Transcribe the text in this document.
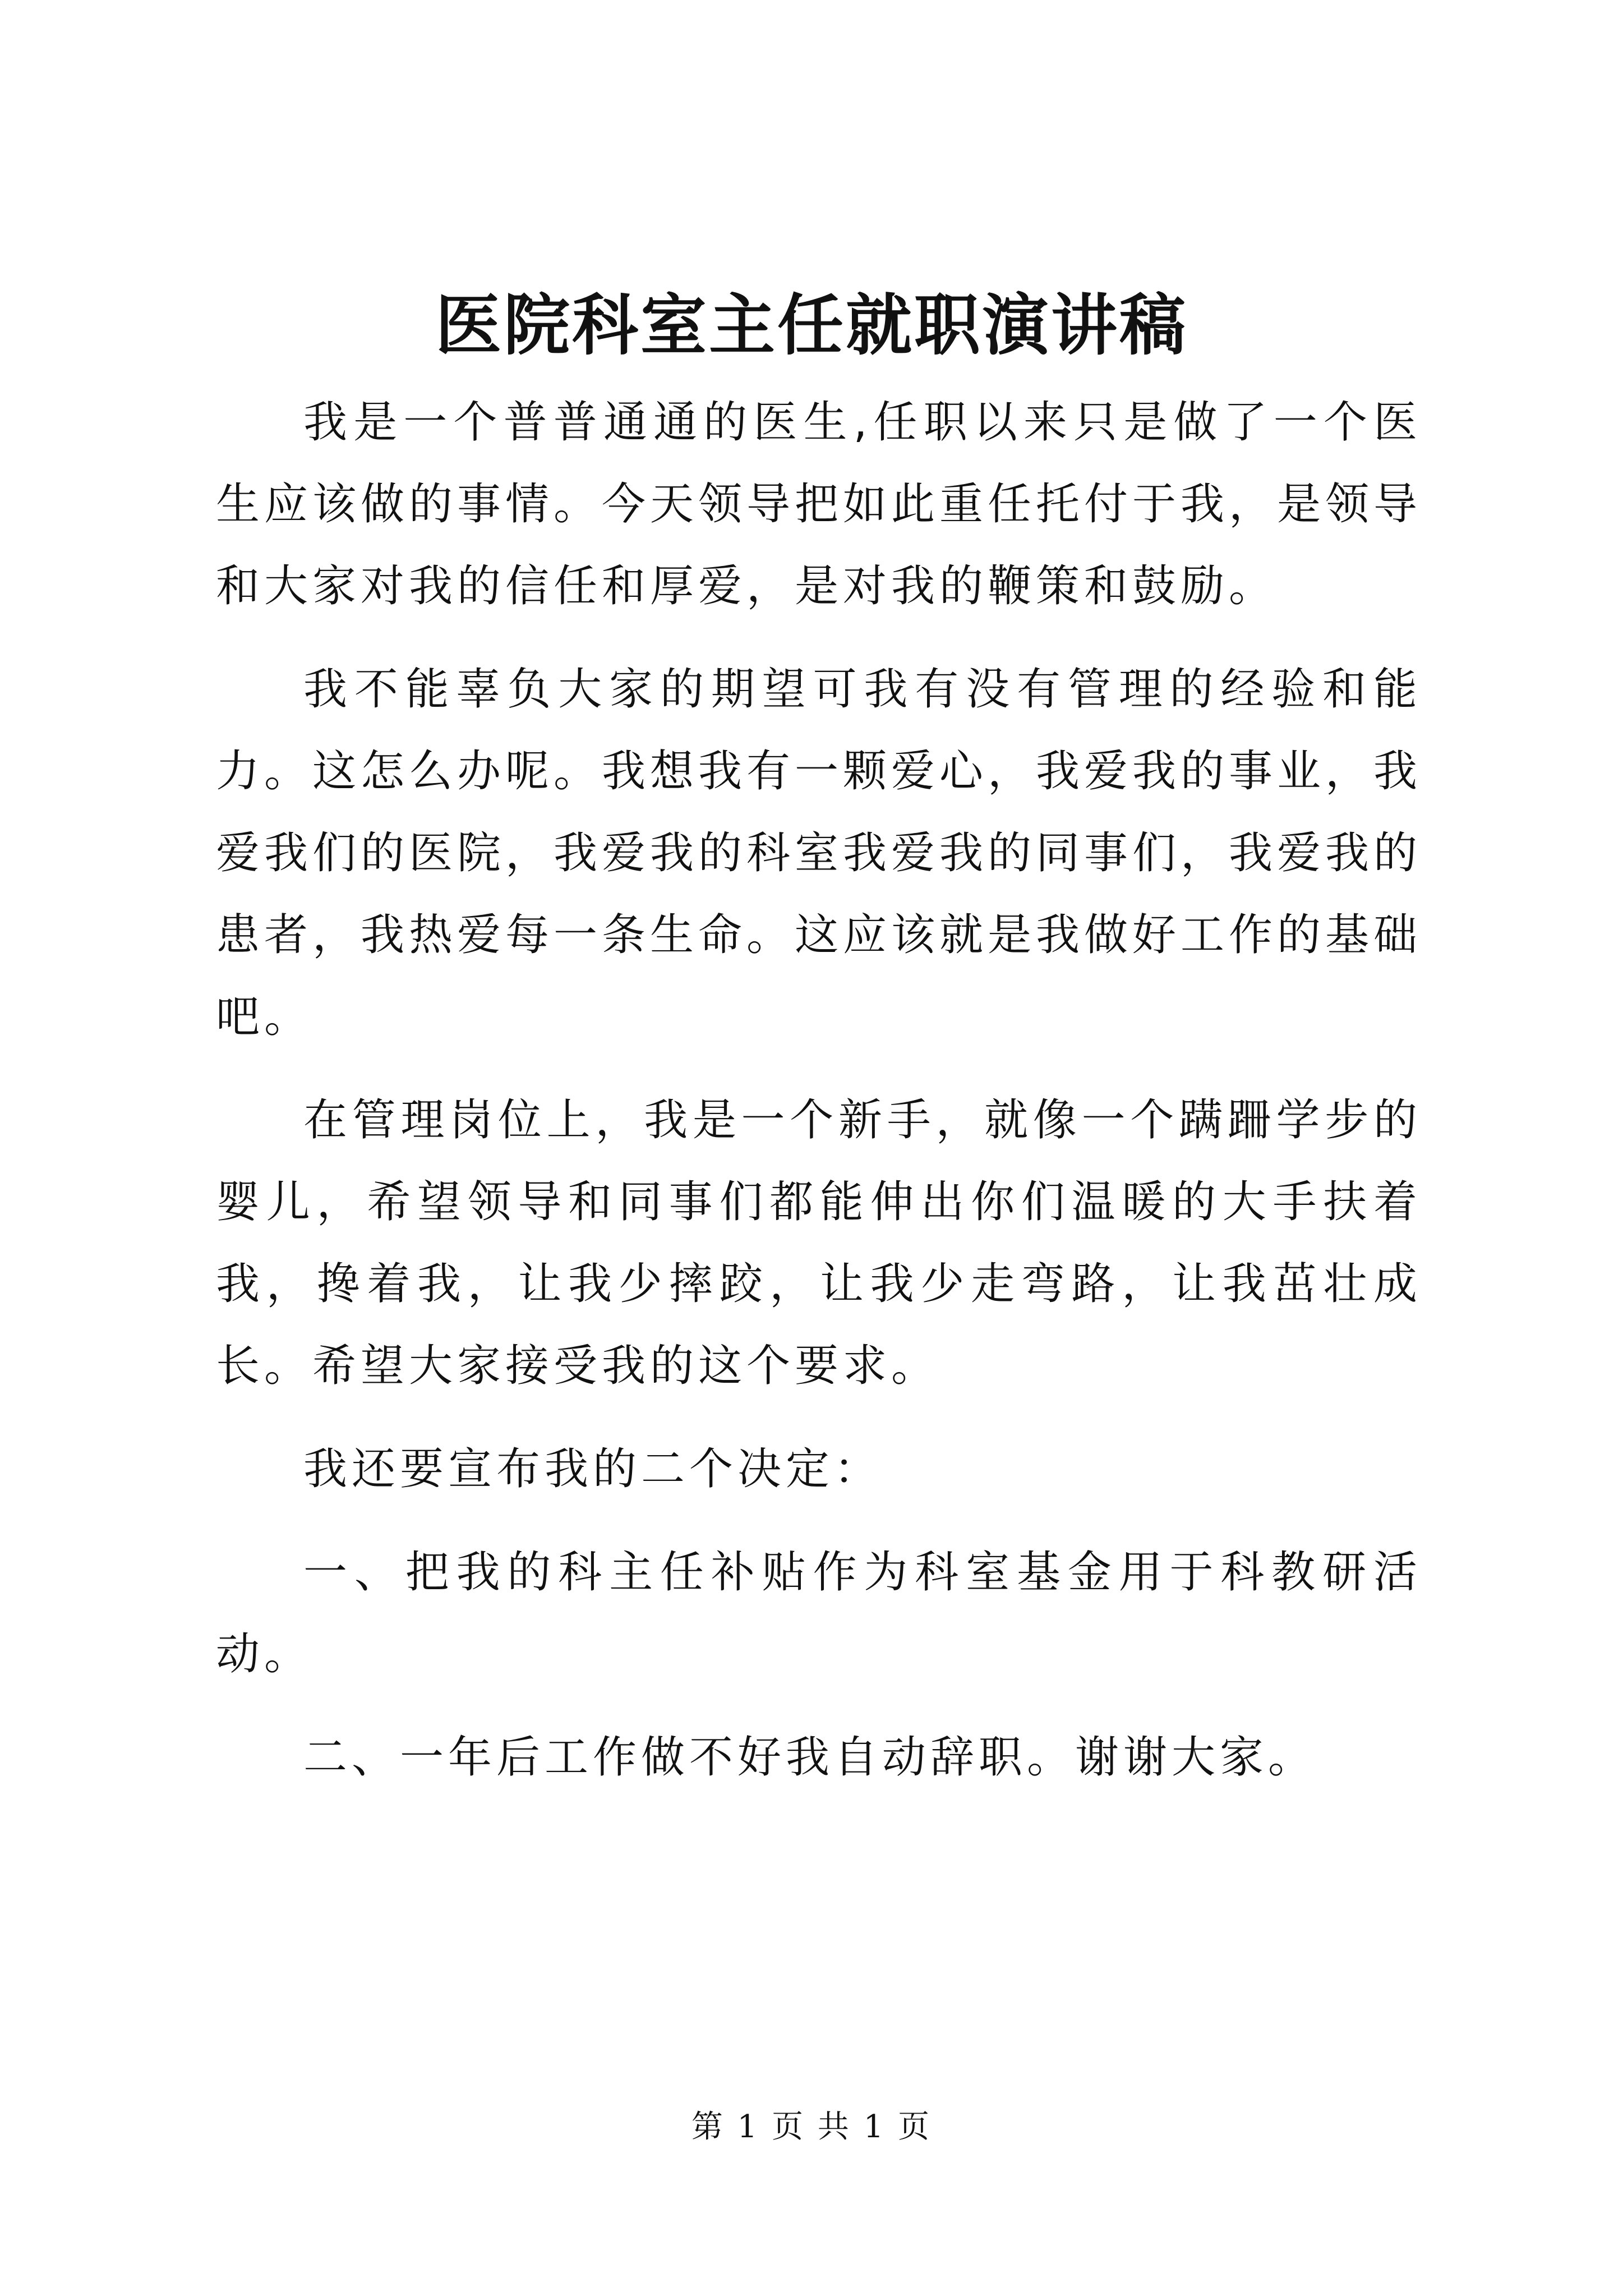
医院科室主任就职演讲稿

我是一个普普通通的医生,任职以来只是做了一个医生应该做的事情。今天领导把如此重任托付于我，是领导和大家对我的信任和厚爱，是对我的鞭策和鼓励。

我不能辜负大家的期望可我有没有管理的经验和能力。这怎么办呢。我想我有一颗爱心，我爱我的事业，我爱我们的医院，我爱我的科室我爱我的同事们，我爱我的患者，我热爱每一条生命。这应该就是我做好工作的基础吧。

在管理岗位上，我是一个新手，就像一个蹒跚学步的婴儿，希望领导和同事们都能伸出你们温暖的大手扶着我，搀着我，让我少摔跤，让我少走弯路，让我茁壮成长。希望大家接受我的这个要求。

我还要宣布我的二个决定：

一、把我的科主任补贴作为科室基金用于科教研活动。

二、一年后工作做不好我自动辞职。谢谢大家。

第 1 页 共 1 页
